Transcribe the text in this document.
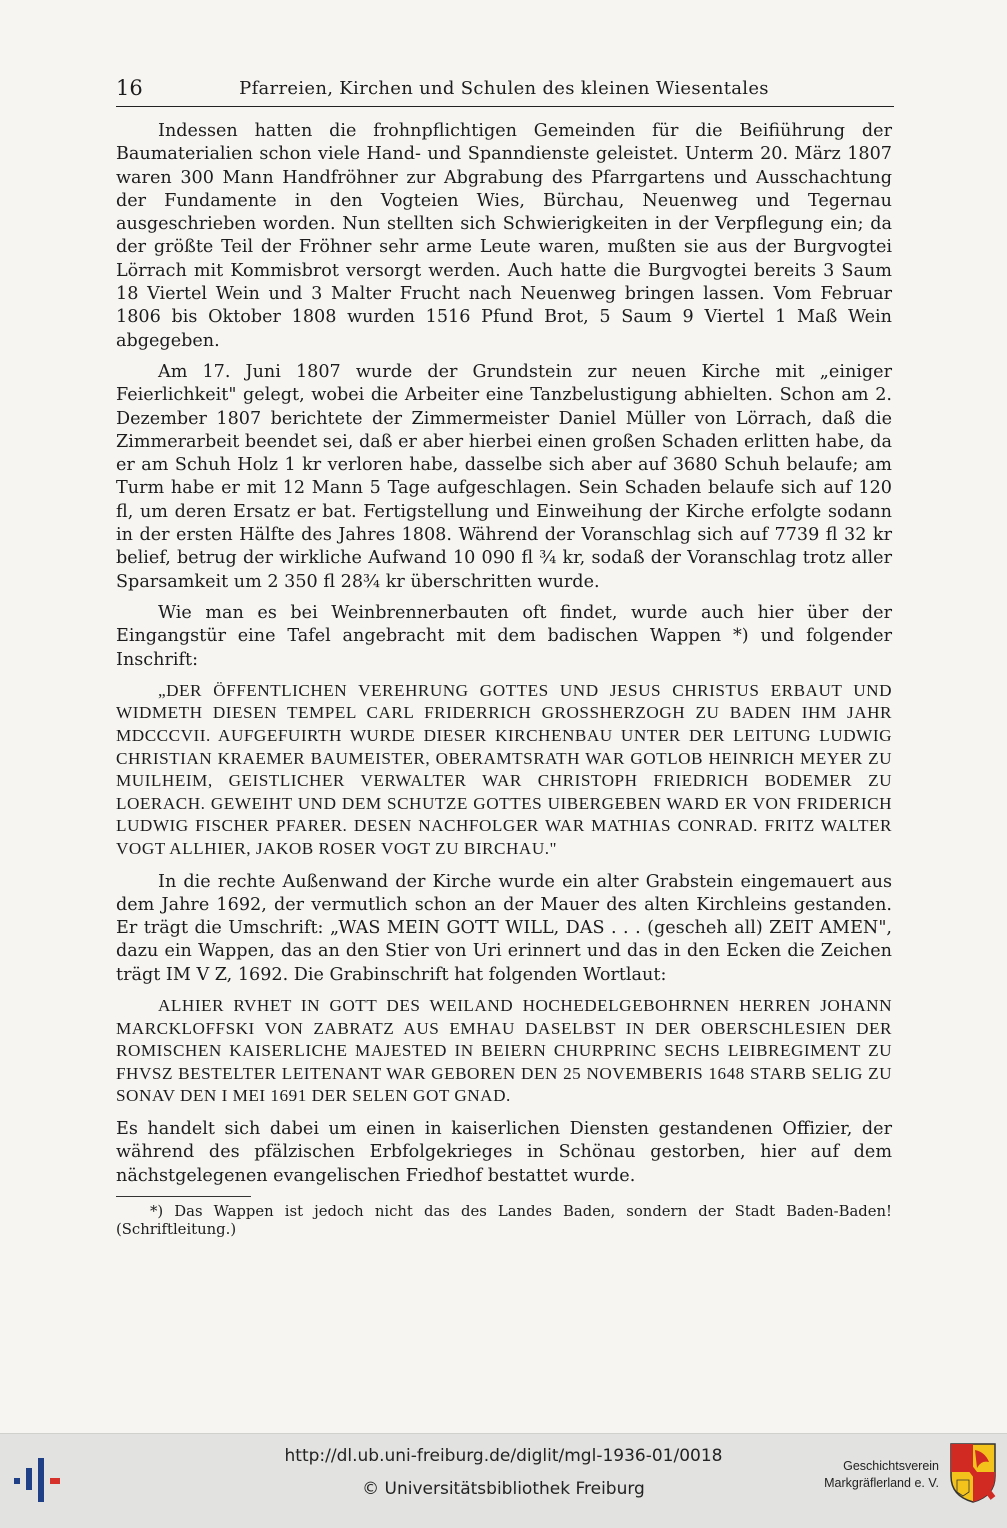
16	Pfarreien, Kirchen und Schulen des kleinen Wiesentales

Indessen hatten die frohnpflichtigen Gemeinden für die Beifiührung der Baumaterialien schon viele Hand- und Spanndienste geleistet. Unterm 20. März 1807 waren 300 Mann Handfröhner zur Abgrabung des Pfarrgartens und Ausschachtung der Fundamente in den Vogteien Wies, Bürchau, Neuenweg und Tegernau ausgeschrieben worden. Nun stellten sich Schwierigkeiten in der Verpflegung ein; da der größte Teil der Fröhner sehr arme Leute waren, mußten sie aus der Burgvogtei Lörrach mit Kommisbrot versorgt werden. Auch hatte die Burgvogtei bereits 3 Saum 18 Viertel Wein und 3 Malter Frucht nach Neuenweg bringen lassen. Vom Februar 1806 bis Oktober 1808 wurden 1516 Pfund Brot, 5 Saum 9 Viertel 1 Maß Wein abgegeben.

Am 17. Juni 1807 wurde der Grundstein zur neuen Kirche mit „einiger Feierlichkeit" gelegt, wobei die Arbeiter eine Tanzbelustigung abhielten. Schon am 2. Dezember 1807 berichtete der Zimmermeister Daniel Müller von Lörrach, daß die Zimmerarbeit beendet sei, daß er aber hierbei einen großen Schaden erlitten habe, da er am Schuh Holz 1 kr verloren habe, dasselbe sich aber auf 3680 Schuh belaufe; am Turm habe er mit 12 Mann 5 Tage aufgeschlagen. Sein Schaden belaufe sich auf 120 fl, um deren Ersatz er bat. Fertigstellung und Einweihung der Kirche erfolgte sodann in der ersten Hälfte des Jahres 1808. Während der Voranschlag sich auf 7739 fl 32 kr belief, betrug der wirkliche Aufwand 10 090 fl ¾ kr, sodaß der Voranschlag trotz aller Sparsamkeit um 2 350 fl 28¾ kr überschritten wurde.

Wie man es bei Weinbrennerbauten oft findet, wurde auch hier über der Eingangstür eine Tafel angebracht mit dem badischen Wappen *) und folgender Inschrift:

„DER ÖFFENTLICHEN VEREHRUNG GOTTES UND JESUS CHRISTUS ERBAUT UND WIDMETH DIESEN TEMPEL CARL FRIDERRICH GROSSHERZOGH ZU BADEN IHM JAHR MDCCCVII. AUFGEFUIRTH WURDE DIESER KIRCHENBAU UNTER DER LEITUNG LUDWIG CHRISTIAN KRAEMER BAUMEISTER, OBERAMTSRATH WAR GOTLOB HEINRICH MEYER ZU MUILHEIM, GEISTLICHER VERWALTER WAR CHRISTOPH FRIEDRICH BODEMER ZU LOERACH. GEWEIHT UND DEM SCHUTZE GOTTES UIBERGEBEN WARD ER VON FRIDERICH LUDWIG FISCHER PFARER. DESEN NACHFOLGER WAR MATHIAS CONRAD. FRITZ WALTER VOGT ALLHIER, JAKOB ROSER VOGT ZU BIRCHAU."

In die rechte Außenwand der Kirche wurde ein alter Grabstein eingemauert aus dem Jahre 1692, der vermutlich schon an der Mauer des alten Kirchleins gestanden. Er trägt die Umschrift: „WAS MEIN GOTT WILL, DAS . . . (gescheh all) ZEIT AMEN", dazu ein Wappen, das an den Stier von Uri erinnert und das in den Ecken die Zeichen trägt IM V Z, 1692. Die Grabinschrift hat folgenden Wortlaut:

ALHIER RVHET IN GOTT DES WEILAND HOCHEDELGEBOHRNEN HERREN JOHANN MARCKLOFFSKI VON ZABRATZ AUS EMHAU DASELBST IN DER OBERSCHLESIEN DER ROMISCHEN KAISERLICHE MAJESTED IN BEIERN CHURPRINC SECHS LEIBREGIMENT ZU FHVSZ BESTELTER LEITENANT WAR GEBOREN DEN 25 NOVEMBERIS 1648 STARB SELIG ZU SONAV DEN I MEI 1691 DER SELEN GOT GNAD.

Es handelt sich dabei um einen in kaiserlichen Diensten gestandenen Offizier, der während des pfälzischen Erbfolgekrieges in Schönau gestorben, hier auf dem nächstgelegenen evangelischen Friedhof bestattet wurde.

*) Das Wappen ist jedoch nicht das des Landes Baden, sondern der Stadt Baden-Baden! (Schriftleitung.)

http://dl.ub.uni-freiburg.de/diglit/mgl-1936-01/0018
© Universitätsbibliothek Freiburg
Geschichtsverein
Markgräflerland e. V.
